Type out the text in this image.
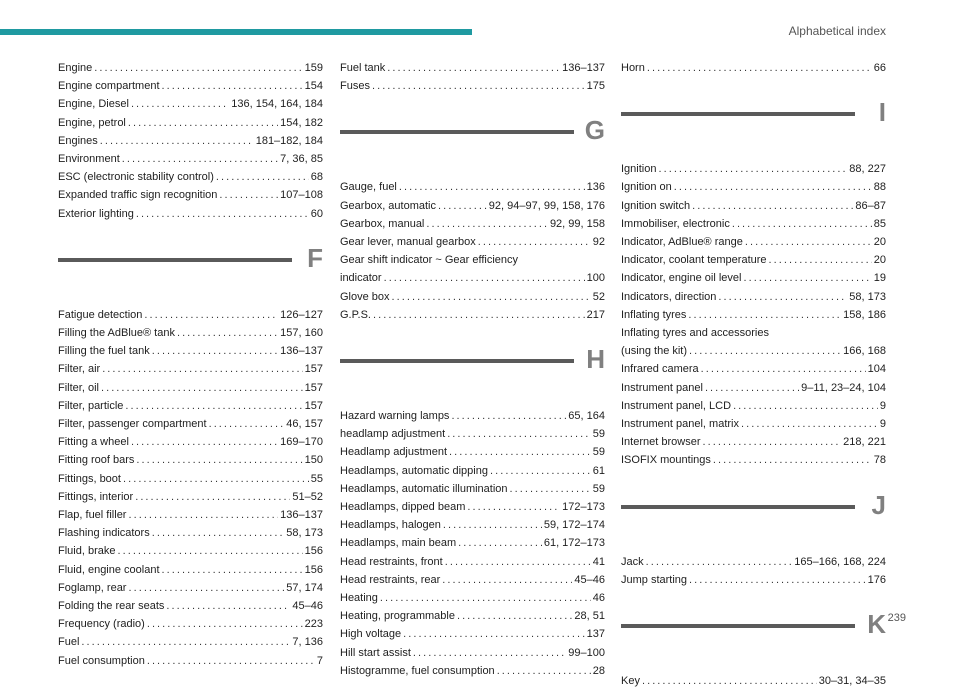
Alphabetical index
Engine . . .	159
Engine compartment . . .	154
Engine, Diesel . . .	136, 154, 164, 184
Engine, petrol . . .	154, 182
Engines . . .	181–182, 184
Environment . . .	7, 36, 85
ESC (electronic stability control) . . .	68
Expanded traffic sign recognition . . .	107–108
Exterior lighting . . .	60
F
Fatigue detection . . .	126–127
Filling the AdBlue® tank . . .	157, 160
Filling the fuel tank . . .	136–137
Filter, air . . .	157
Filter, oil . . .	157
Filter, particle . . .	157
Filter, passenger compartment . . .	46, 157
Fitting a wheel . . .	169–170
Fitting roof bars . . .	150
Fittings, boot . . .	55
Fittings, interior . . .	51–52
Flap, fuel filler . . .	136–137
Flashing indicators . . .	58, 173
Fluid, brake . . .	156
Fluid, engine coolant . . .	156
Foglamp, rear . . .	57, 174
Folding the rear seats . . .	45–46
Frequency (radio) . . .	223
Fuel . . .	7, 136
Fuel consumption . . .	7
Fuel tank . . .	136–137
Fuses . . .	175
G
Gauge, fuel . . .	136
Gearbox, automatic . . .	92, 94–97, 99, 158, 176
Gearbox, manual . . .	92, 99, 158
Gear lever, manual gearbox . . .	92
Gear shift indicator ~ Gear efficiency
indicator . . .	100
Glove box . . .	52
G.P.S. . . .	217
H
Hazard warning lamps . . .	65, 164
headlamp adjustment . . .	59
Headlamp adjustment . . .	59
Headlamps, automatic dipping . . .	61
Headlamps, automatic illumination . . .	59
Headlamps, dipped beam . . .	172–173
Headlamps, halogen . . .	59, 172–174
Headlamps, main beam . . .	61, 172–173
Head restraints, front . . .	41
Head restraints, rear . . .	45–46
Heating . . .	46
Heating, programmable . . .	28, 51
High voltage . . .	137
Hill start assist . . .	99–100
Histogramme, fuel consumption . . .	28
Horn . . .	66
I
Ignition . . .	88, 227
Ignition on . . .	88
Ignition switch . . .	86–87
Immobiliser, electronic . . .	85
Indicator, AdBlue® range . . .	20
Indicator, coolant temperature . . .	20
Indicator, engine oil level . . .	19
Indicators, direction . . .	58, 173
Inflating tyres . . .	158, 186
Inflating tyres and accessories
(using the kit) . . .	166, 168
Infrared camera . . .	104
Instrument panel . . .	9–11, 23–24, 104
Instrument panel, LCD . . .	9
Instrument panel, matrix . . .	9
Internet browser . . .	218, 221
ISOFIX mountings . . .	78
J
Jack . . .	165–166, 168, 224
Jump starting . . .	176
K
Key . . .	30–31, 34–35
239
